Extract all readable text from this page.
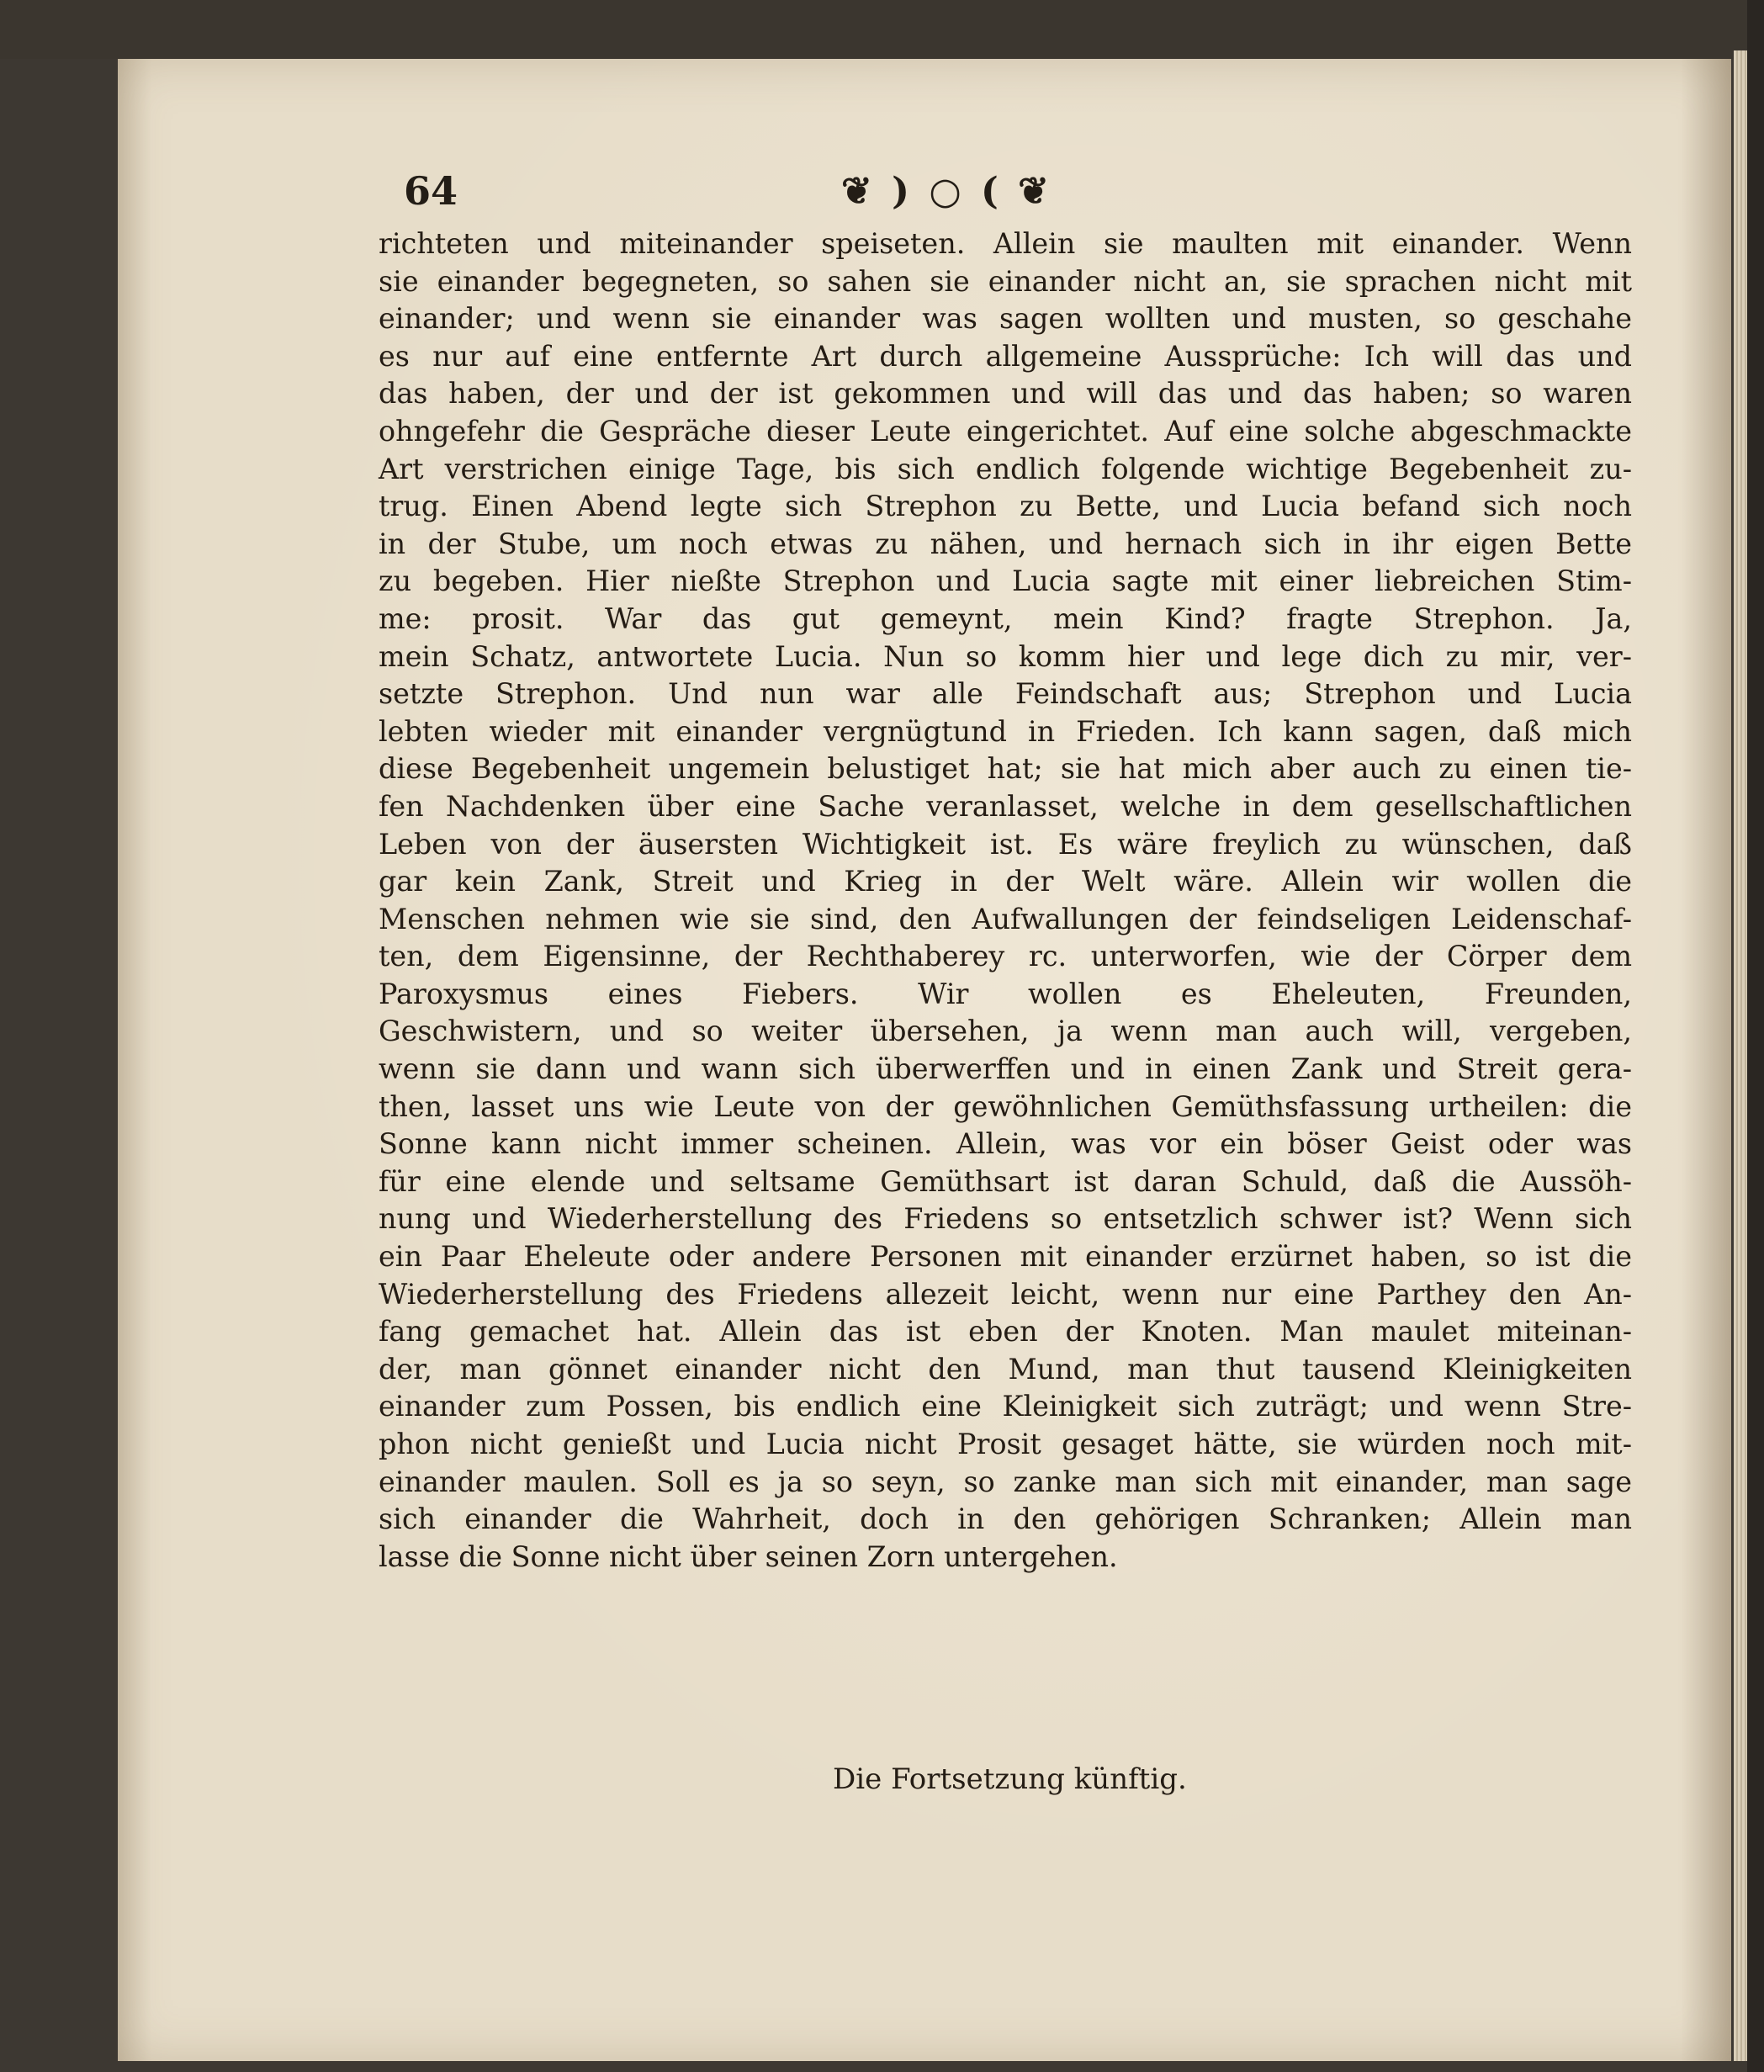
64	❦ ) ○ ( ❦
richteten und miteinander speiseten. Allein sie maulten mit einander. Wenn
sie einander begegneten, so sahen sie einander nicht an, sie sprachen nicht mit
einander; und wenn sie einander was sagen wollten und musten, so geschahe
es nur auf eine entfernte Art durch allgemeine Aussprüche: Ich will das und
das haben, der und der ist gekommen und will das und das haben; so waren
ohngefehr die Gespräche dieser Leute eingerichtet. Auf eine solche abgeschmackte
Art verstrichen einige Tage, bis sich endlich folgende wichtige Begebenheit zu-
trug. Einen Abend legte sich Strephon zu Bette, und Lucia befand sich noch
in der Stube, um noch etwas zu nähen, und hernach sich in ihr eigen Bette
zu begeben. Hier nießte Strephon und Lucia sagte mit einer liebreichen Stim-
me: prosit. War das gut gemeynt, mein Kind? fragte Strephon. Ja,
mein Schatz, antwortete Lucia. Nun so komm hier und lege dich zu mir, ver-
setzte Strephon. Und nun war alle Feindschaft aus; Strephon und Lucia
lebten wieder mit einander vergnügtund in Frieden. Ich kann sagen, daß mich
diese Begebenheit ungemein belustiget hat; sie hat mich aber auch zu einen tie-
fen Nachdenken über eine Sache veranlasset, welche in dem gesellschaftlichen
Leben von der äusersten Wichtigkeit ist. Es wäre freylich zu wünschen, daß
gar kein Zank, Streit und Krieg in der Welt wäre. Allein wir wollen die
Menschen nehmen wie sie sind, den Aufwallungen der feindseligen Leidenschaf-
ten, dem Eigensinne, der Rechthaberey rc. unterworfen, wie der Cörper dem
Paroxysmus eines Fiebers. Wir wollen es Eheleuten, Freunden,
Geschwistern, und so weiter übersehen, ja wenn man auch will, vergeben,
wenn sie dann und wann sich überwerffen und in einen Zank und Streit gera-
then, lasset uns wie Leute von der gewöhnlichen Gemüthsfassung urtheilen: die
Sonne kann nicht immer scheinen. Allein, was vor ein böser Geist oder was
für eine elende und seltsame Gemüthsart ist daran Schuld, daß die Aussöh-
nung und Wiederherstellung des Friedens so entsetzlich schwer ist? Wenn sich
ein Paar Eheleute oder andere Personen mit einander erzürnet haben, so ist die
Wiederherstellung des Friedens allezeit leicht, wenn nur eine Parthey den An-
fang gemachet hat. Allein das ist eben der Knoten. Man maulet miteinan-
der, man gönnet einander nicht den Mund, man thut tausend Kleinigkeiten
einander zum Possen, bis endlich eine Kleinigkeit sich zuträgt; und wenn Stre-
phon nicht genießt und Lucia nicht Prosit gesaget hätte, sie würden noch mit-
einander maulen. Soll es ja so seyn, so zanke man sich mit einander, man sage
sich einander die Wahrheit, doch in den gehörigen Schranken; Allein man
lasse die Sonne nicht über seinen Zorn untergehen.
Die Fortsetzung künftig.
